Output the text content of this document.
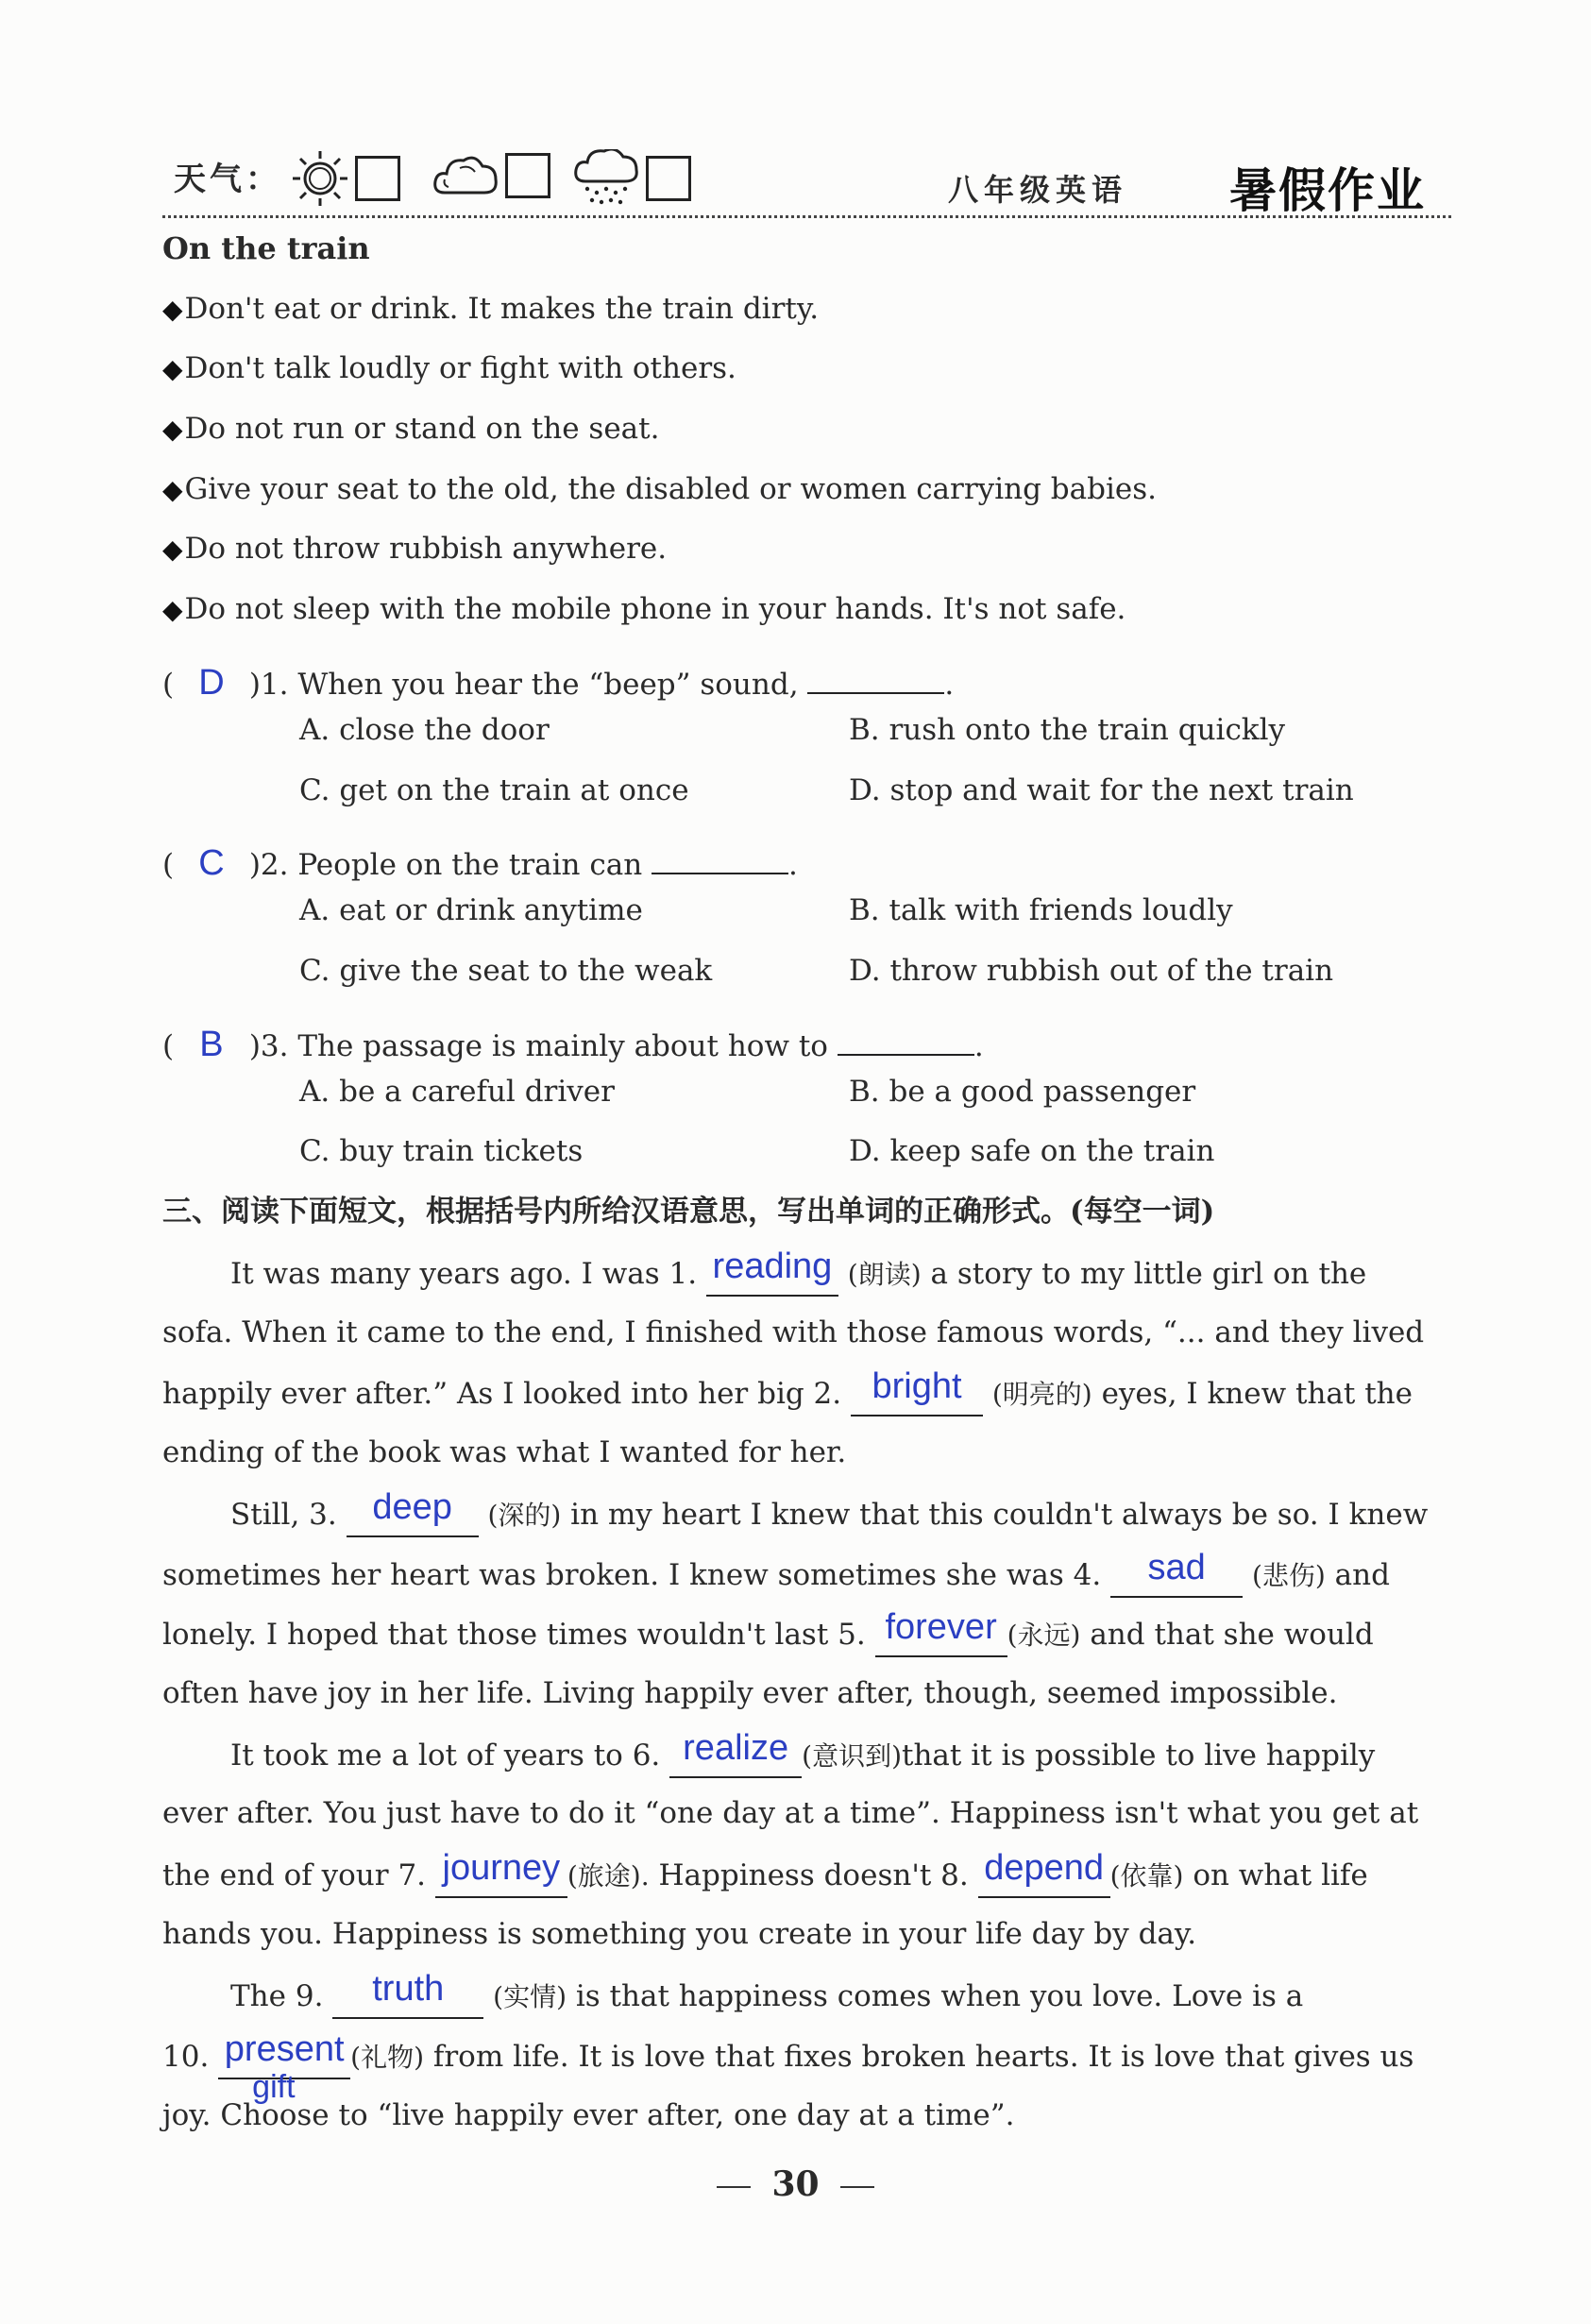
天气：	八年级英语 暑假作业
On the train
◆Don't eat or drink. It makes the train dirty.
◆Don't talk loudly or fight with others.
◆Do not run or stand on the seat.
◆Give your seat to the old, the disabled or women carrying babies.
◆Do not throw rubbish anywhere.
◆Do not sleep with the mobile phone in your hands. It's not safe.
( D )1. When you hear the “beep” sound,	.
A. close the door	B. rush onto the train quickly
C. get on the train at once	D. stop and wait for the next train
( C )2. People on the train can	.
A. eat or drink anytime	B. talk with friends loudly
C. give the seat to the weak	D. throw rubbish out of the train
( B )3. The passage is mainly about how to	.
A. be a careful driver	B. be a good passenger
C. buy train tickets	D. keep safe on the train
三、阅读下面短文，根据括号内所给汉语意思，写出单词的正确形式。(每空一词)
It was many years ago. I was 1. reading (朗读) a story to my little girl on the
sofa. When it came to the end, I finished with those famous words, “... and they lived
happily ever after.” As I looked into her big 2. bright (明亮的) eyes, I knew that the
ending of the book was what I wanted for her.
Still, 3. deep (深的) in my heart I knew that this couldn't always be so. I knew
sometimes her heart was broken. I knew sometimes she was 4. sad (悲伤) and
lonely. I hoped that those times wouldn't last 5. forever (永远) and that she would
often have joy in her life. Living happily ever after, though, seemed impossible.
It took me a lot of years to 6. realize (意识到)that it is possible to live happily
ever after. You just have to do it “one day at a time”. Happiness isn't what you get at
the end of your 7. journey (旅途). Happiness doesn't 8. depend (依靠) on what life
hands you. Happiness is something you create in your life day by day.
The 9. truth (实情) is that happiness comes when you love. Love is a
10. present
gift
(礼物) from life. It is love that fixes broken hearts. It is love that gives us
joy. Choose to “live happily ever after, one day at a time”.
30
